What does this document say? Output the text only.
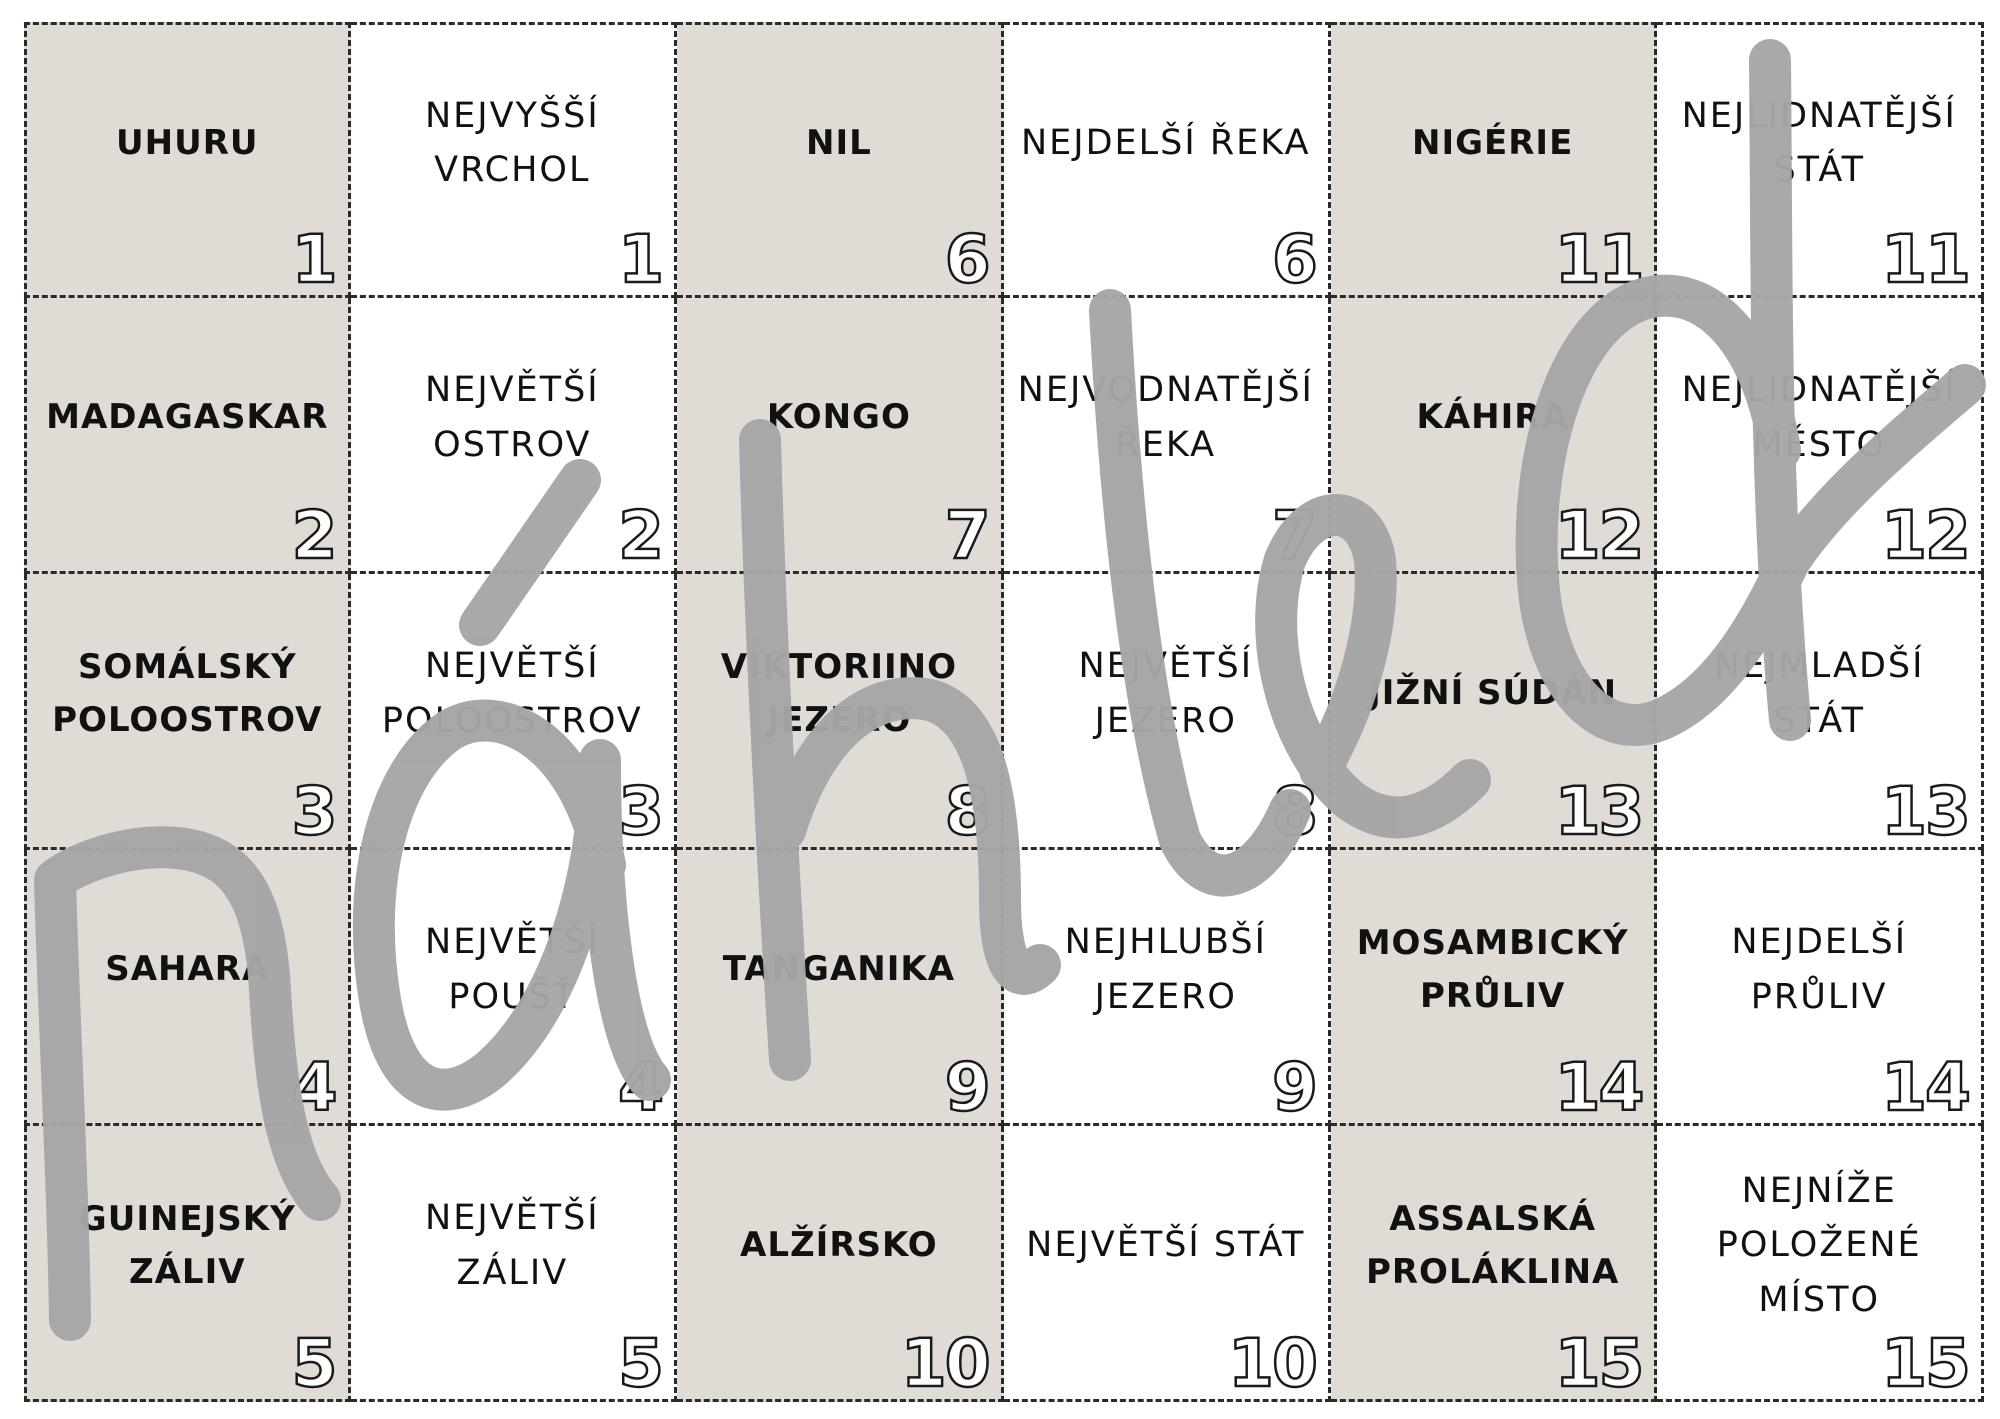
UHURU
1
NEJVYŠŠÍ VRCHOL
1
NIL
6
NEJDELŠÍ ŘEKA
6
NIGÉRIE
11
NEJLIDNATĚJŠÍ STÁT
11
MADAGASKAR
2
NEJVĚTŠÍ OSTROV
2
KONGO
7
NEJVODNATĚJŠÍ ŘEKA
7
KÁHIRA
12
NEJLIDNATĚJŠÍ MĚSTO
12
SOMÁLSKÝ POLOOSTROV
3
NEJVĚTŠÍ POLOOSTROV
3
VIKTORIINO JEZERO
8
NEJVĚTŠÍ JEZERO
8
JIŽNÍ SÚDÁN
13
NEJMLADŠÍ STÁT
13
SAHARA
4
NEJVĚTŠÍ POUŠŤ
4
TANGANIKA
9
NEJHLUBŠÍ JEZERO
9
MOSAMBICKÝ PRŮLIV
14
NEJDELŠÍ PRŮLIV
14
GUINEJSKÝ ZÁLIV
5
NEJVĚTŠÍ ZÁLIV
5
ALŽÍRSKO
10
NEJVĚTŠÍ STÁT
10
ASSALSKÁ PROLÁKLINA
15
NEJNÍŽE POLOŽENÉ MÍSTO
15
